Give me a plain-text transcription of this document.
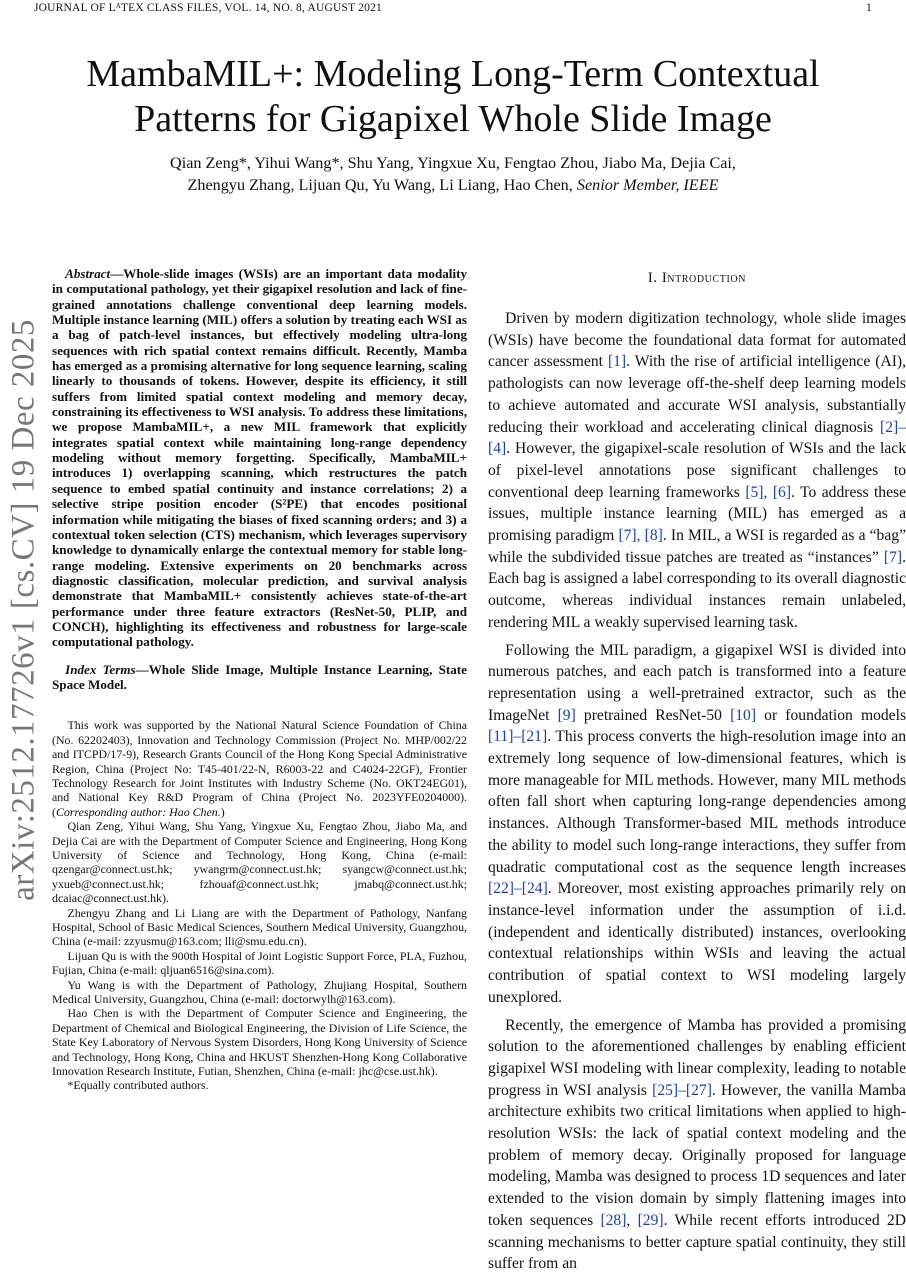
JOURNAL OF LᴬTEX CLASS FILES, VOL. 14, NO. 8, AUGUST 2021	1
arXiv:2512.17726v1 [cs.CV] 19 Dec 2025
MambaMIL+: Modeling Long-Term Contextual Patterns for Gigapixel Whole Slide Image
Qian Zeng*, Yihui Wang*, Shu Yang, Yingxue Xu, Fengtao Zhou, Jiabo Ma, Dejia Cai,
Zhengyu Zhang, Lijuan Qu, Yu Wang, Li Liang, Hao Chen, Senior Member, IEEE
Abstract—Whole-slide images (WSIs) are an important data modality in computational pathology, yet their gigapixel resolution and lack of fine-grained annotations challenge conventional deep learning models. Multiple instance learning (MIL) offers a solution by treating each WSI as a bag of patch-level instances, but effectively modeling ultra-long sequences with rich spatial context remains difficult. Recently, Mamba has emerged as a promising alternative for long sequence learning, scaling linearly to thousands of tokens. However, despite its efficiency, it still suffers from limited spatial context modeling and memory decay, constraining its effectiveness to WSI analysis. To address these limitations, we propose MambaMIL+, a new MIL framework that explicitly integrates spatial context while maintaining long-range dependency modeling without memory forgetting. Specifically, MambaMIL+ introduces 1) overlapping scanning, which restructures the patch sequence to embed spatial continuity and instance correlations; 2) a selective stripe position encoder (S²PE) that encodes positional information while mitigating the biases of fixed scanning orders; and 3) a contextual token selection (CTS) mechanism, which leverages supervisory knowledge to dynamically enlarge the contextual memory for stable long-range modeling. Extensive experiments on 20 benchmarks across diagnostic classification, molecular prediction, and survival analysis demonstrate that MambaMIL+ consistently achieves state-of-the-art performance under three feature extractors (ResNet-50, PLIP, and CONCH), highlighting its effectiveness and robustness for large-scale computational pathology.
Index Terms—Whole Slide Image, Multiple Instance Learning, State Space Model.

This work was supported by the National Natural Science Foundation of China (No. 62202403), Innovation and Technology Commission (Project No. MHP/002/22 and ITCPD/17-9), Research Grants Council of the Hong Kong Special Administrative Region, China (Project No: T45-401/22-N, R6003-22 and C4024-22GF), Frontier Technology Research for Joint Institutes with Industry Scheme (No. OKT24EG01), and National Key R&D Program of China (Project No. 2023YFE0204000). (Corresponding author: Hao Chen.)

Qian Zeng, Yihui Wang, Shu Yang, Yingxue Xu, Fengtao Zhou, Jiabo Ma, and Dejia Cai are with the Department of Computer Science and Engineering, Hong Kong University of Science and Technology, Hong Kong, China (e-mail: qzengar@connect.ust.hk; ywangrm@connect.ust.hk; syangcw@connect.ust.hk; yxueb@connect.ust.hk; fzhouaf@connect.ust.hk; jmabq@connect.ust.hk; dcaiac@connect.ust.hk).

Zhengyu Zhang and Li Liang are with the Department of Pathology, Nanfang Hospital, School of Basic Medical Sciences, Southern Medical University, Guangzhou, China (e-mail: zzyusmu@163.com; lli@smu.edu.cn).

Lijuan Qu is with the 900th Hospital of Joint Logistic Support Force, PLA, Fuzhou, Fujian, China (e-mail: qljuan6516@sina.com).

Yu Wang is with the Department of Pathology, Zhujiang Hospital, Southern Medical University, Guangzhou, China (e-mail: doctorwylh@163.com).

Hao Chen is with the Department of Computer Science and Engineering, the Department of Chemical and Biological Engineering, the Division of Life Science, the State Key Laboratory of Nervous System Disorders, Hong Kong University of Science and Technology, Hong Kong, China and HKUST Shenzhen-Hong Kong Collaborative Innovation Research Institute, Futian, Shenzhen, China (e-mail: jhc@cse.ust.hk).

*Equally contributed authors.

I. Introduction

Driven by modern digitization technology, whole slide images (WSIs) have become the foundational data format for automated cancer assessment [1]. With the rise of artificial intelligence (AI), pathologists can now leverage off-the-shelf deep learning models to achieve automated and accurate WSI analysis, substantially reducing their workload and accelerating clinical diagnosis [2]–[4]. However, the gigapixel-scale resolution of WSIs and the lack of pixel-level annotations pose significant challenges to conventional deep learning frameworks [5], [6]. To address these issues, multiple instance learning (MIL) has emerged as a promising paradigm [7], [8]. In MIL, a WSI is regarded as a “bag” while the subdivided tissue patches are treated as “instances” [7]. Each bag is assigned a label corresponding to its overall diagnostic outcome, whereas individual instances remain unlabeled, rendering MIL a weakly supervised learning task.

Following the MIL paradigm, a gigapixel WSI is divided into numerous patches, and each patch is transformed into a feature representation using a well-pretrained extractor, such as the ImageNet [9] pretrained ResNet-50 [10] or foundation models [11]–[21]. This process converts the high-resolution image into an extremely long sequence of low-dimensional features, which is more manageable for MIL methods. However, many MIL methods often fall short when capturing long-range dependencies among instances. Although Transformer-based MIL methods introduce the ability to model such long-range interactions, they suffer from quadratic computational cost as the sequence length increases [22]–[24]. Moreover, most existing approaches primarily rely on instance-level information under the assumption of i.i.d. (independent and identically distributed) instances, overlooking contextual relationships within WSIs and leaving the actual contribution of spatial context to WSI modeling largely unexplored.

Recently, the emergence of Mamba has provided a promising solution to the aforementioned challenges by enabling efficient gigapixel WSI modeling with linear complexity, leading to notable progress in WSI analysis [25]–[27]. However, the vanilla Mamba architecture exhibits two critical limitations when applied to high-resolution WSIs: the lack of spatial context modeling and the problem of memory decay. Originally proposed for language modeling, Mamba was designed to process 1D sequences and later extended to the vision domain by simply flattening images into token sequences [28], [29]. While recent efforts introduced 2D scanning mechanisms to better capture spatial continuity, they still suffer from an
